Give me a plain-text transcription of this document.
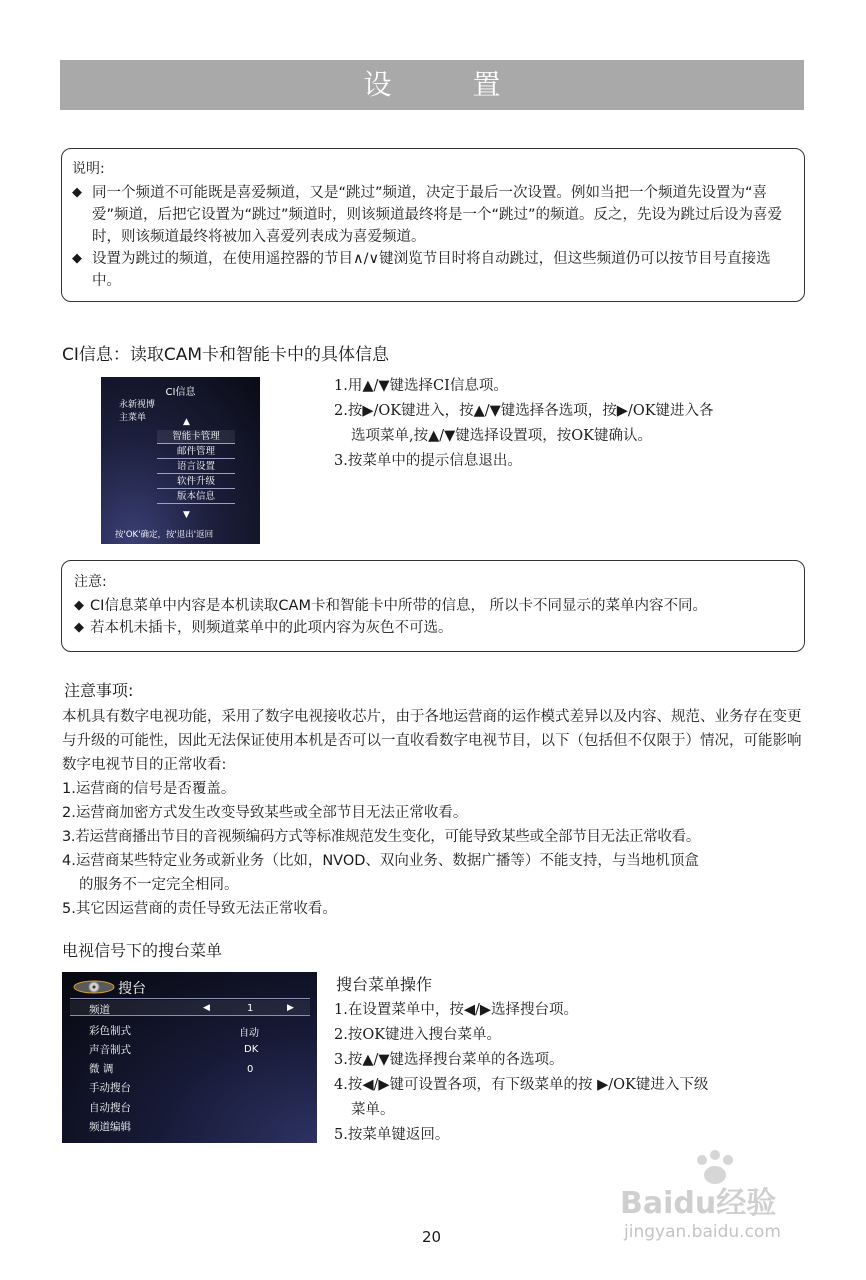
设 置
说明:
◆ 同一个频道不可能既是喜爱频道，又是“跳过”频道，决定于最后一次设置。例如当把一个频道先设置为“喜爱”频道，后把它设置为“跳过”频道时，则该频道最终将是一个“跳过”的频道。反之，先设为跳过后设为喜爱时，则该频道最终将被加入喜爱列表成为喜爱频道。
◆ 设置为跳过的频道，在使用遥控器的节目∧/∨键浏览节目时将自动跳过，但这些频道仍可以按节目号直接选中。
CI信息：读取CAM卡和智能卡中的具体信息
CI信息
永新视博
主菜单	▲
智能卡管理
邮件管理
语言设置
软件升级
版本信息
▼
按'OK'确定，按'退出'返回
1.用▲/▼键选择CI信息项。
2.按▶/OK键进入，按▲/▼键选择各选项，按▶/OK键进入各
选项菜单,按▲/▼键选择设置项，按OK键确认。
3.按菜单中的提示信息退出。
注意:
◆ CI信息菜单中内容是本机读取CAM卡和智能卡中所带的信息， 所以卡不同显示的菜单内容不同。
◆ 若本机未插卡，则频道菜单中的此项内容为灰色不可选。
注意事项:
本机具有数字电视功能，采用了数字电视接收芯片，由于各地运营商的运作模式差异以及内容、规范、业务存在变更与升级的可能性，因此无法保证使用本机是否可以一直收看数字电视节目，以下（包括但不仅限于）情况，可能影响数字电视节目的正常收看:
1.运营商的信号是否覆盖。
2.运营商加密方式发生改变导致某些或全部节目无法正常收看。
3.若运营商播出节目的音视频编码方式等标准规范发生变化，可能导致某些或全部节目无法正常收看。
4.运营商某些特定业务或新业务（比如，NVOD、双向业务、数据广播等）不能支持，与当地机顶盒
的服务不一定完全相同。
5.其它因运营商的责任导致无法正常收看。
电视信号下的搜台菜单
搜台
频道	◀	1	▶
彩色制式	自动
声音制式	DK
微 调	0
手动搜台
自动搜台
频道编辑
搜台菜单操作
1.在设置菜单中，按◀/▶选择搜台项。
2.按OK键进入搜台菜单。
3.按▲/▼键选择搜台菜单的各选项。
4.按◀/▶键可设置各项，有下级菜单的按 ▶/OK键进入下级
菜单。
5.按菜单键返回。
Baidu经验
jingyan.baidu.com
20
